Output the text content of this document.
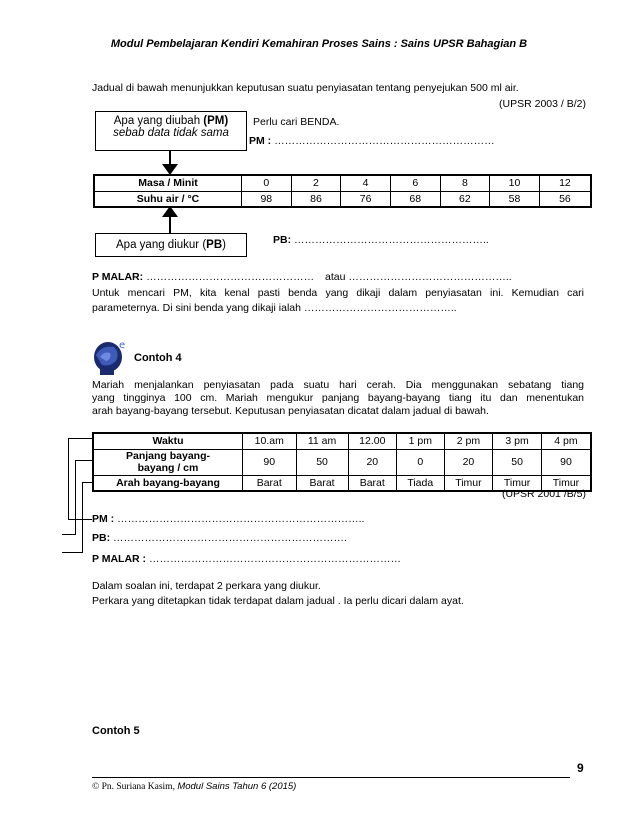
Modul Pembelajaran Kendiri Kemahiran Proses Sains : Sains UPSR Bahagian B
Jadual di bawah menunjukkan keputusan suatu penyiasatan tentang penyejukan 500 ml air.
(UPSR 2003 / B/2)
Apa yang diubah (PM)
sebab data tidak sama
Perlu cari BENDA.
PM : ………………………………………………………
Masa / Minit	0	2	4	6	8	10	12
Suhu air / °C	98	86	76	68	62	58	56
Apa yang diukur (PB)	PB: ………………………………………………..
P MALAR: ………………………………………… atau ………………………………………..
Untuk mencari PM, kita kenal pasti benda yang dikaji dalam penyiasatan ini. Kemudian cari
parameternya. Di sini benda yang dikaji ialah ……………………………………..
e
Contoh 4
Mariah menjalankan penyiasatan pada suatu hari cerah. Dia menggunakan sebatang tiang
yang tingginya 100 cm. Mariah mengukur panjang bayang-bayang tiang itu dan menentukan
arah bayang-bayang tersebut. Keputusan penyiasatan dicatat dalam jadual di bawah.
Waktu	10.am	11 am	12.00	1 pm	2 pm	3 pm	4 pm

Panjang bayang-
bayang / cm	90	50	20	0	20	50	90
Arah bayang-bayang	Barat	Barat	Barat	Tiada	Timur	Timur	Timur
(UPSR 2001 /B/5)
PM : ……………………………………………………………..
PB: ………………………………………………………….
P MALAR : ………………………………………………………………
Dalam soalan ini, terdapat 2 perkara yang diukur.
Perkara yang ditetapkan tidak terdapat dalam jadual . Ia perlu dicari dalam ayat.
Contoh 5
9
© Pn. Suriana Kasim, Modul Sains Tahun 6 (2015)
